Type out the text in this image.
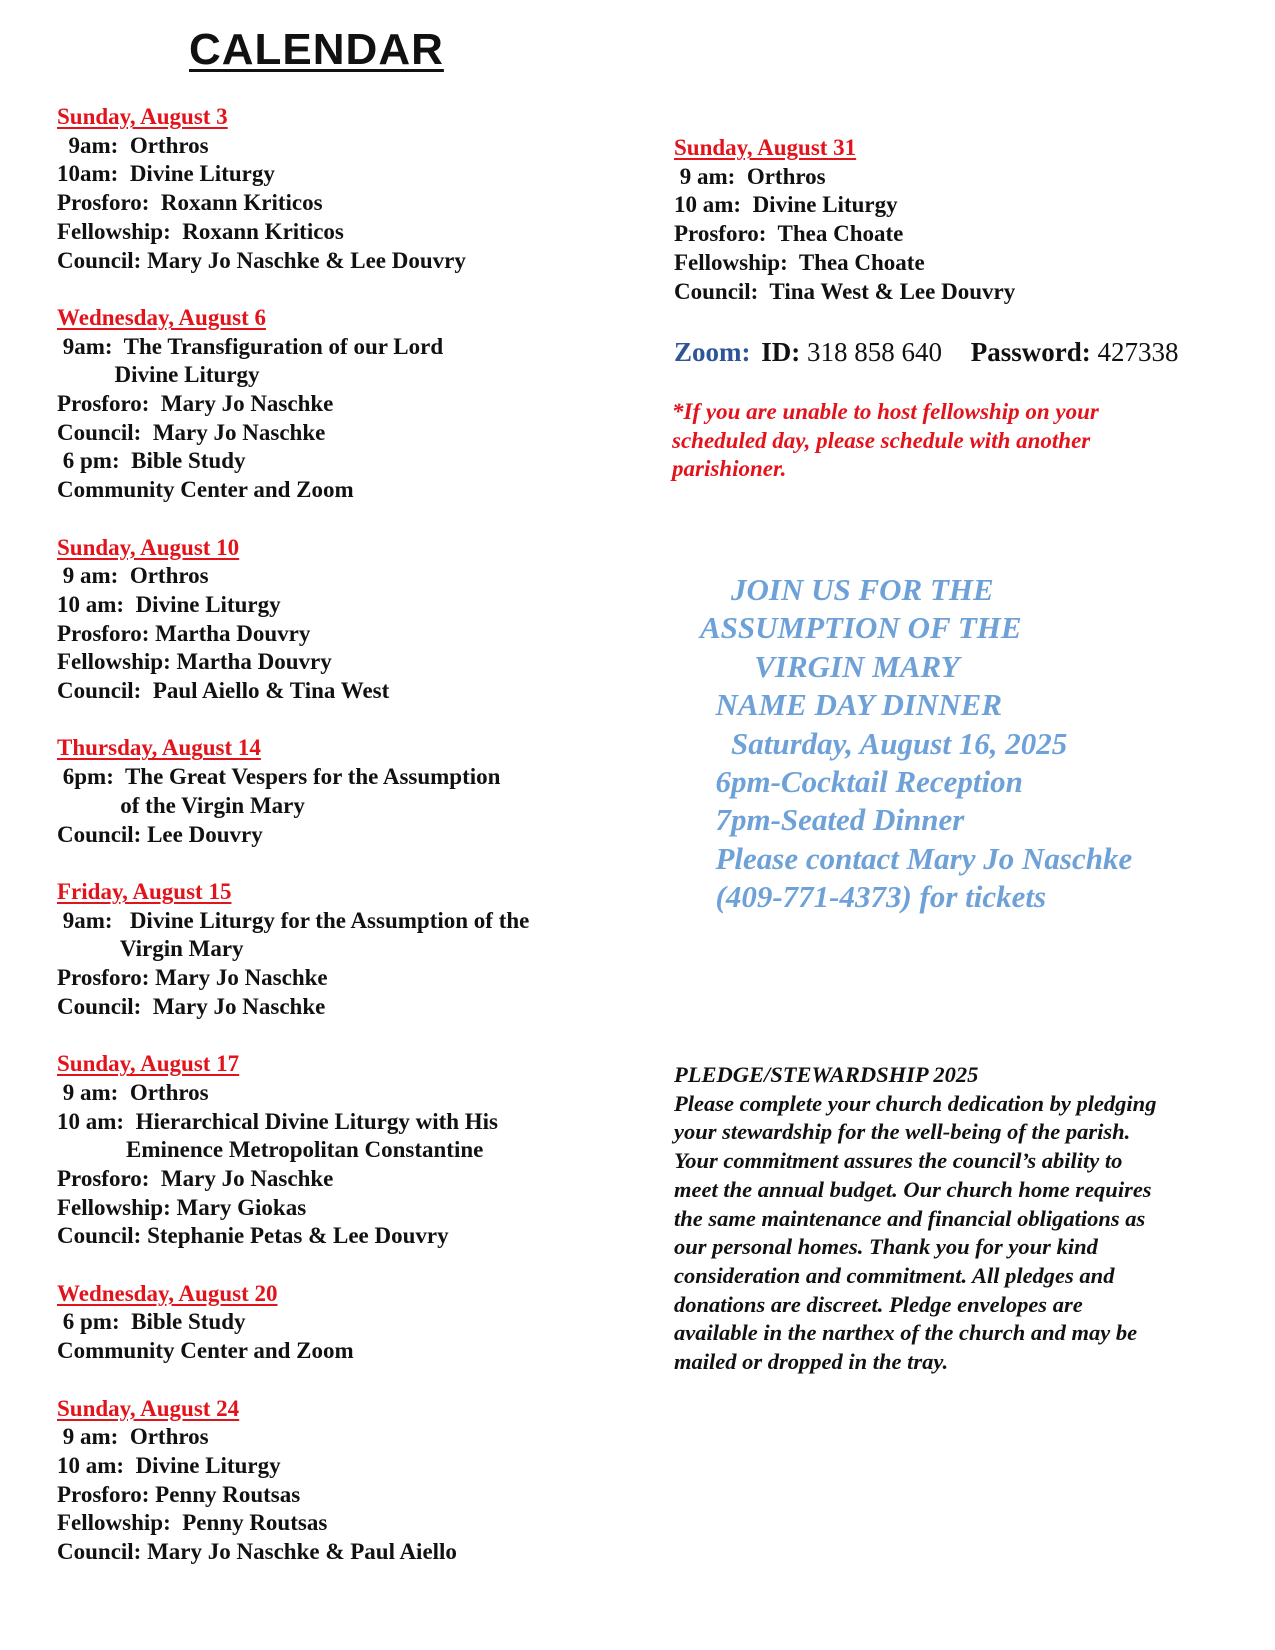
CALENDAR
Sunday, August 3
9am:  Orthros
10am:  Divine Liturgy
Prosforo:  Roxann Kriticos
Fellowship:  Roxann Kriticos
Council: Mary Jo Naschke & Lee Douvry
Wednesday, August 6
9am:  The Transfiguration of our Lord
Divine Liturgy
Prosforo:  Mary Jo Naschke
Council:  Mary Jo Naschke
6 pm:  Bible Study
Community Center and Zoom
Sunday, August 10
9 am:  Orthros
10 am:  Divine Liturgy
Prosforo: Martha Douvry
Fellowship: Martha Douvry
Council:  Paul Aiello & Tina West
Thursday, August 14
6pm:  The Great Vespers for the Assumption
of the Virgin Mary
Council: Lee Douvry
Friday, August 15
9am:   Divine Liturgy for the Assumption of the
Virgin Mary
Prosforo: Mary Jo Naschke
Council:  Mary Jo Naschke
Sunday, August 17
9 am:  Orthros
10 am:  Hierarchical Divine Liturgy with His
Eminence Metropolitan Constantine
Prosforo:  Mary Jo Naschke
Fellowship: Mary Giokas
Council: Stephanie Petas & Lee Douvry
Wednesday, August 20
6 pm:  Bible Study
Community Center and Zoom
Sunday, August 24
9 am:  Orthros
10 am:  Divine Liturgy
Prosforo: Penny Routsas
Fellowship:  Penny Routsas
Council: Mary Jo Naschke & Paul Aiello
Sunday, August 31
9 am:  Orthros
10 am:  Divine Liturgy
Prosforo:  Thea Choate
Fellowship:  Thea Choate
Council:  Tina West & Lee Douvry
Zoom: ID: 318 858 640 Password: 427338
*If you are unable to host fellowship on your scheduled day, please schedule with another parishioner.
JOIN US FOR THE
ASSUMPTION OF THE
VIRGIN MARY
NAME DAY DINNER
Saturday, August 16, 2025
6pm-Cocktail Reception
7pm-Seated Dinner
Please contact Mary Jo Naschke
(409-771-4373) for tickets
PLEDGE/STEWARDSHIP 2025
Please complete your church dedication by pledging
your stewardship for the well-being of the parish.
Your commitment assures the council’s ability to
meet the annual budget. Our church home requires
the same maintenance and financial obligations as
our personal homes. Thank you for your kind
consideration and commitment. All pledges and
donations are discreet. Pledge envelopes are
available in the narthex of the church and may be
mailed or dropped in the tray.
